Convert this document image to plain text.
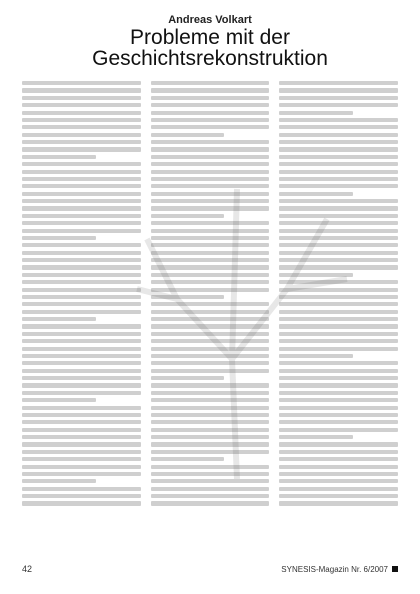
Andreas Volkart
Probleme mit der
Geschichtsrekonstruktion
42	SYNESIS-Magazin Nr. 6/2007
